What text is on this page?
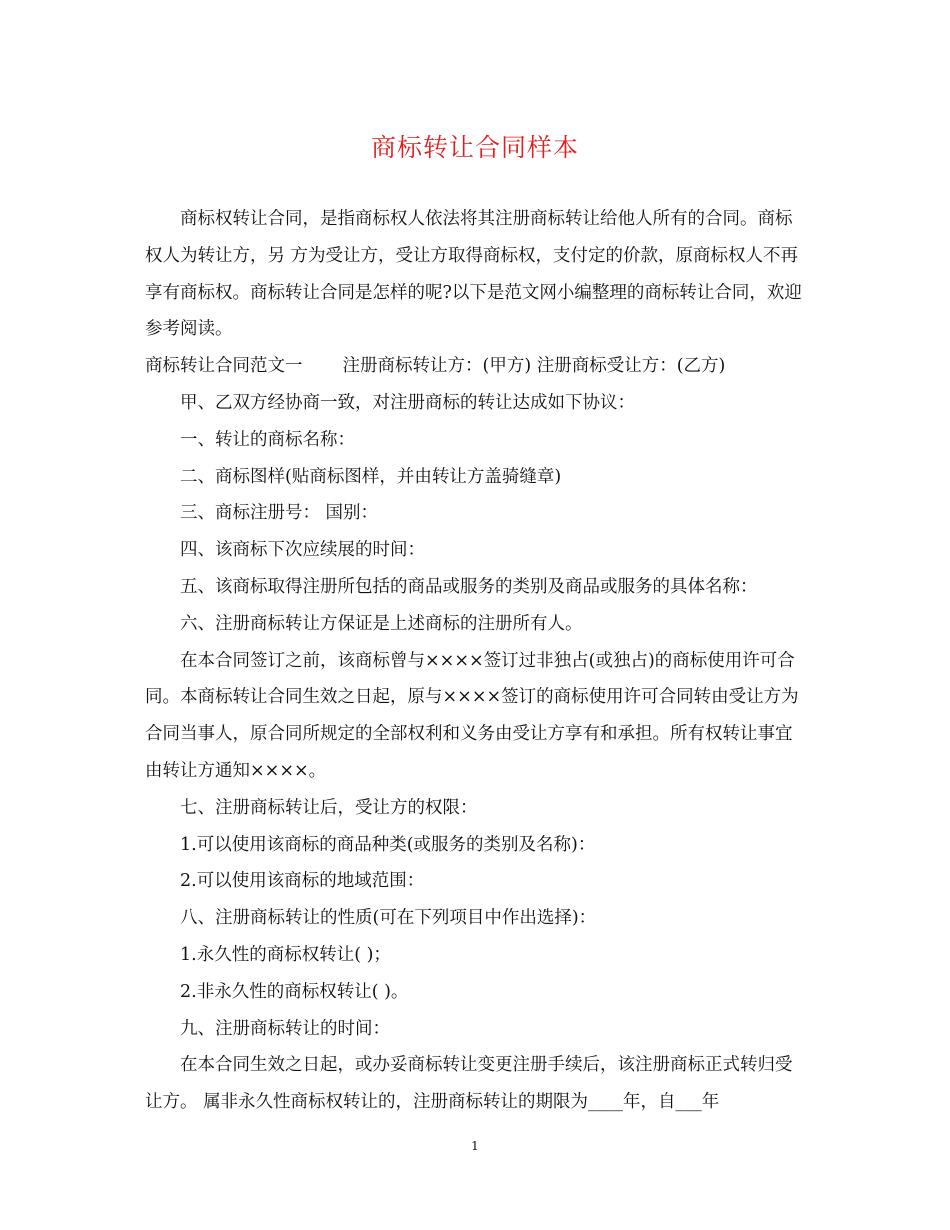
商标转让合同样本

商标权转让合同，是指商标权人依法将其注册商标转让给他人所有的合同。商标权人为转让方，另 方为受让方，受让方取得商标权，支付定的价款，原商标权人不再享有商标权。商标转让合同是怎样的呢?以下是范文网小编整理的商标转让合同，欢迎参考阅读。

商标转让合同范文一 注册商标转让方：(甲方) 注册商标受让方：(乙方)

甲、乙双方经协商一致，对注册商标的转让达成如下协议：

一、转让的商标名称：

二、商标图样(贴商标图样，并由转让方盖骑缝章)

三、商标注册号： 国别：

四、该商标下次应续展的时间：

五、该商标取得注册所包括的商品或服务的类别及商品或服务的具体名称：

六、注册商标转让方保证是上述商标的注册所有人。

在本合同签订之前，该商标曾与××××签订过非独占(或独占)的商标使用许可合同。本商标转让合同生效之日起，原与××××签订的商标使用许可合同转由受让方为合同当事人，原合同所规定的全部权利和义务由受让方享有和承担。所有权转让事宜由转让方通知××××。

七、注册商标转让后，受让方的权限：

1.可以使用该商标的商品种类(或服务的类别及名称)：

2.可以使用该商标的地域范围：

八、注册商标转让的性质(可在下列项目中作出选择)：

1.永久性的商标权转让( )；

2.非永久性的商标权转让( )。

九、注册商标转让的时间：

在本合同生效之日起，或办妥商标转让变更注册手续后，该注册商标正式转归受让方。 属非永久性商标权转让的，注册商标转让的期限为____年，自___年

1
